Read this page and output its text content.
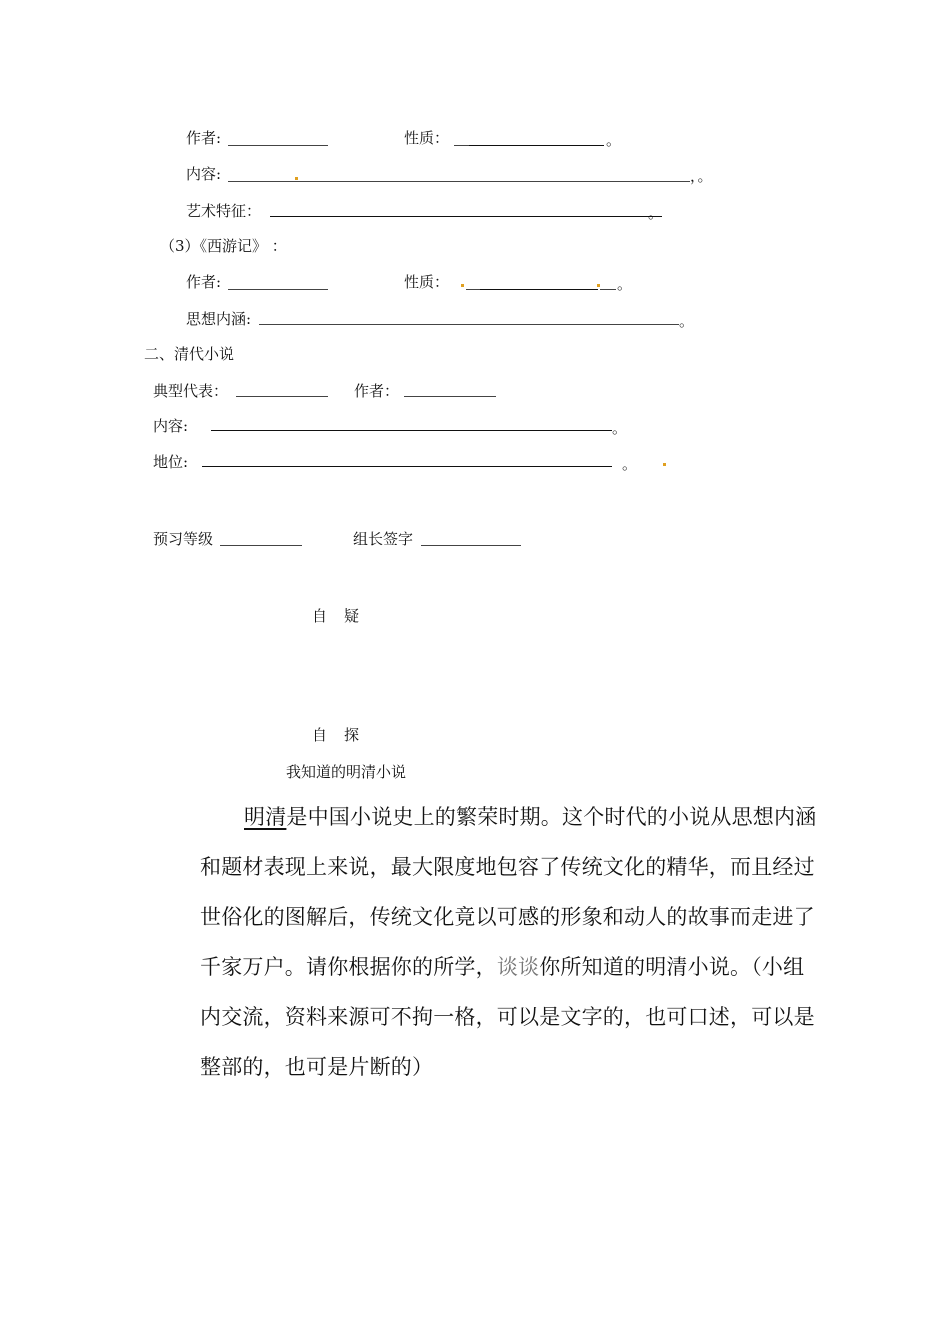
作者:	性质：	。
内容:	，。
艺术特征：	。
（3）《西游记》 ：
作者:	性质：	。
思想内涵:	。
二、清代小说
典型代表：	作者：
内容:	。
地位:	。
预习等级	组长签字
自　疑
自　探
我知道的明清小说
明清是中国小说史上的繁荣时期。这个时代的小说从思想内涵
和题材表现上来说，最大限度地包容了传统文化的精华，而且经过
世俗化的图解后，传统文化竟以可感的形象和动人的故事而走进了
千家万户。请你根据你的所学，谈谈你所知道的明清小说。（小组
内交流，资料来源可不拘一格，可以是文字的，也可口述，可以是
整部的，也可是片断的）
